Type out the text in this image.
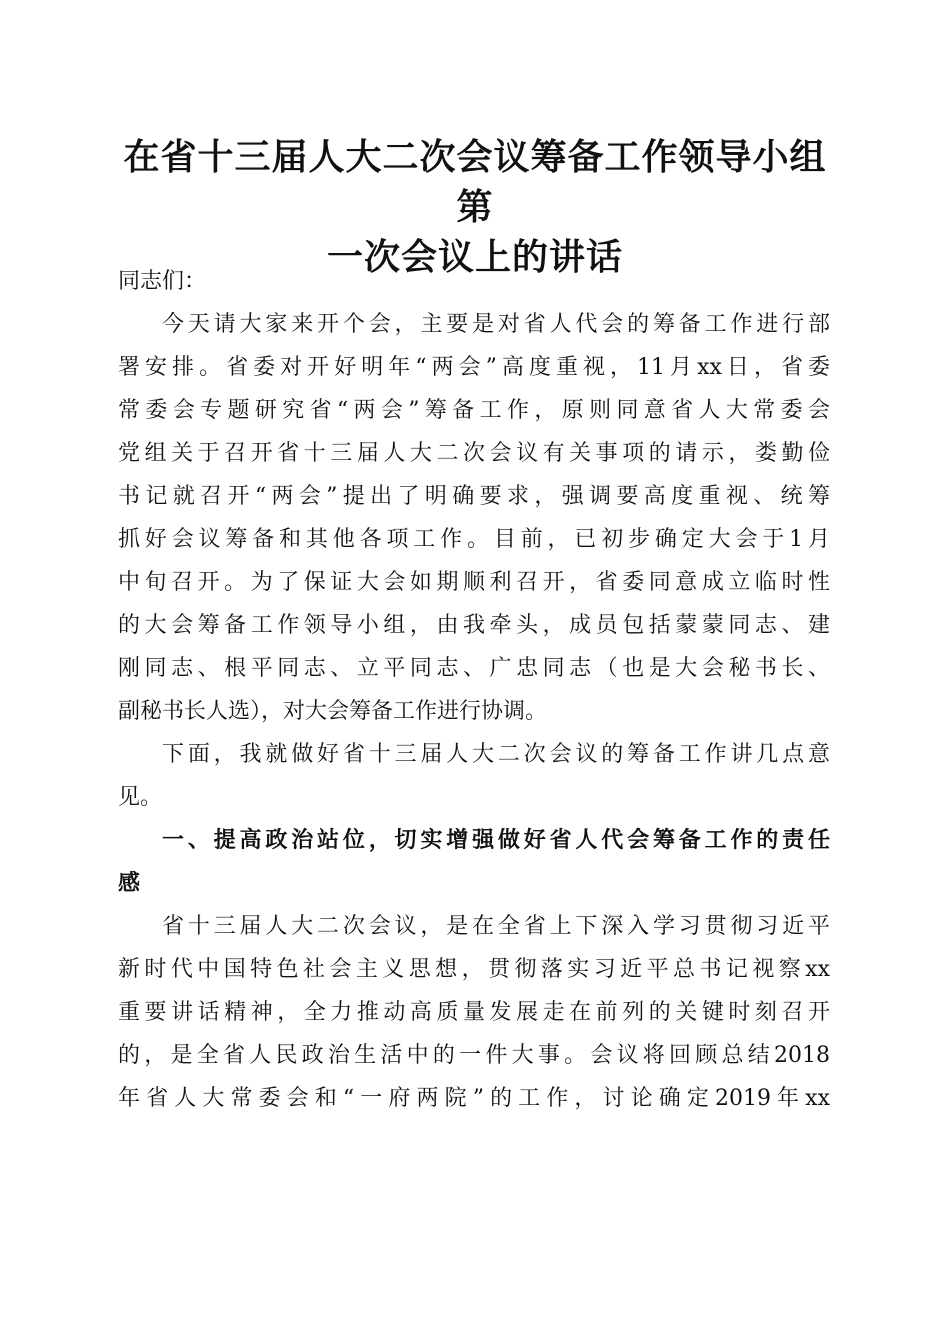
在省十三届人大二次会议筹备工作领导小组第
一次会议上的讲话
同志们：
今天请大家来开个会，主要是对省人代会的筹备工作进行部
署安排。省委对开好明年“两会”高度重视，11月xx日，省委
常委会专题研究省“两会”筹备工作，原则同意省人大常委会
党组关于召开省十三届人大二次会议有关事项的请示，娄勤俭
书记就召开“两会”提出了明确要求，强调要高度重视、统筹
抓好会议筹备和其他各项工作。目前，已初步确定大会于1月
中旬召开。为了保证大会如期顺利召开，省委同意成立临时性
的大会筹备工作领导小组，由我牵头，成员包括蒙蒙同志、建
刚同志、根平同志、立平同志、广忠同志（也是大会秘书长、
副秘书长人选），对大会筹备工作进行协调。
下面，我就做好省十三届人大二次会议的筹备工作讲几点意
见。
一、提高政治站位，切实增强做好省人代会筹备工作的责任
感
省十三届人大二次会议，是在全省上下深入学习贯彻习近平
新时代中国特色社会主义思想，贯彻落实习近平总书记视察xx
重要讲话精神，全力推动高质量发展走在前列的关键时刻召开
的，是全省人民政治生活中的一件大事。会议将回顾总结2018
年省人大常委会和“一府两院”的工作，讨论确定2019年xx
